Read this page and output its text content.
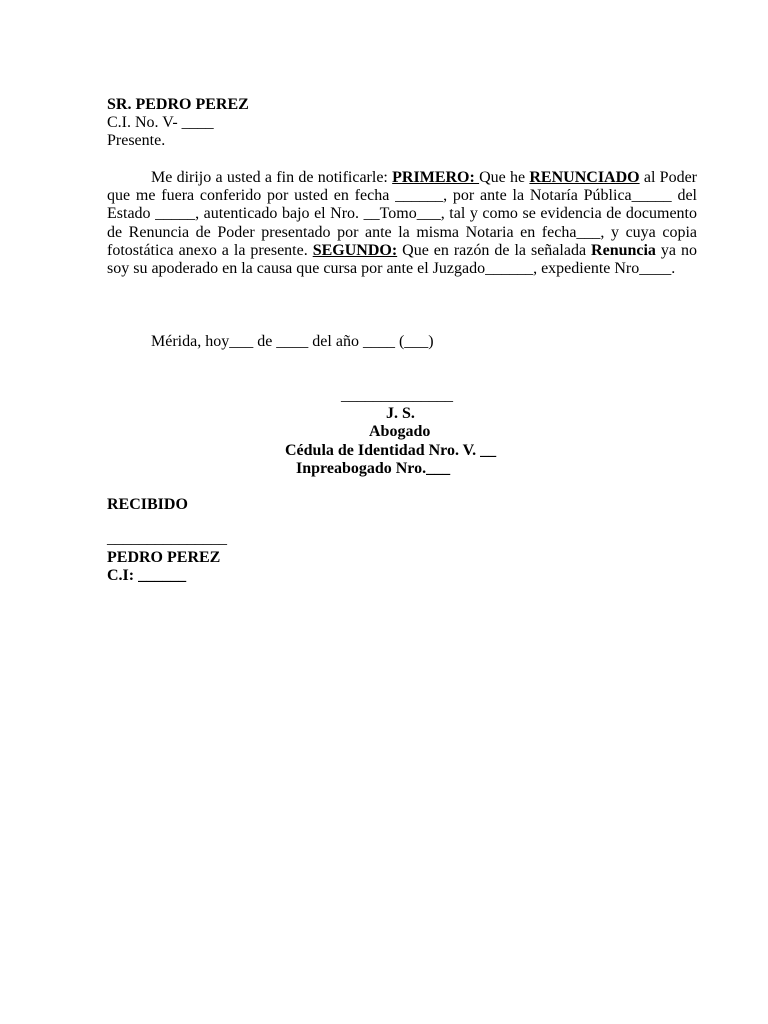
SR. PEDRO PEREZ
C.I. No. V- ____
Presente.

Me dirijo a usted a fin de notificarle: PRIMERO: Que he RENUNCIADO al Poder que me fuera conferido por usted en fecha ______, por ante la Notaría Pública_____ del Estado _____, autenticado bajo el Nro. __Tomo___, tal y como se evidencia de documento de Renuncia de Poder presentado por ante la misma Notaria en fecha___, y cuya copia fotostática anexo a la presente. SEGUNDO: Que en razón de la señalada Renuncia ya no soy su apoderado en la causa que cursa por ante el Juzgado______, expediente Nro____.

Mérida, hoy___ de ____ del año ____ (___)
______________
J. S.
Abogado
Cédula de Identidad Nro. V. __
Inpreabogado Nro.___
RECIBIDO
_______________
PEDRO PEREZ
C.I: ______
